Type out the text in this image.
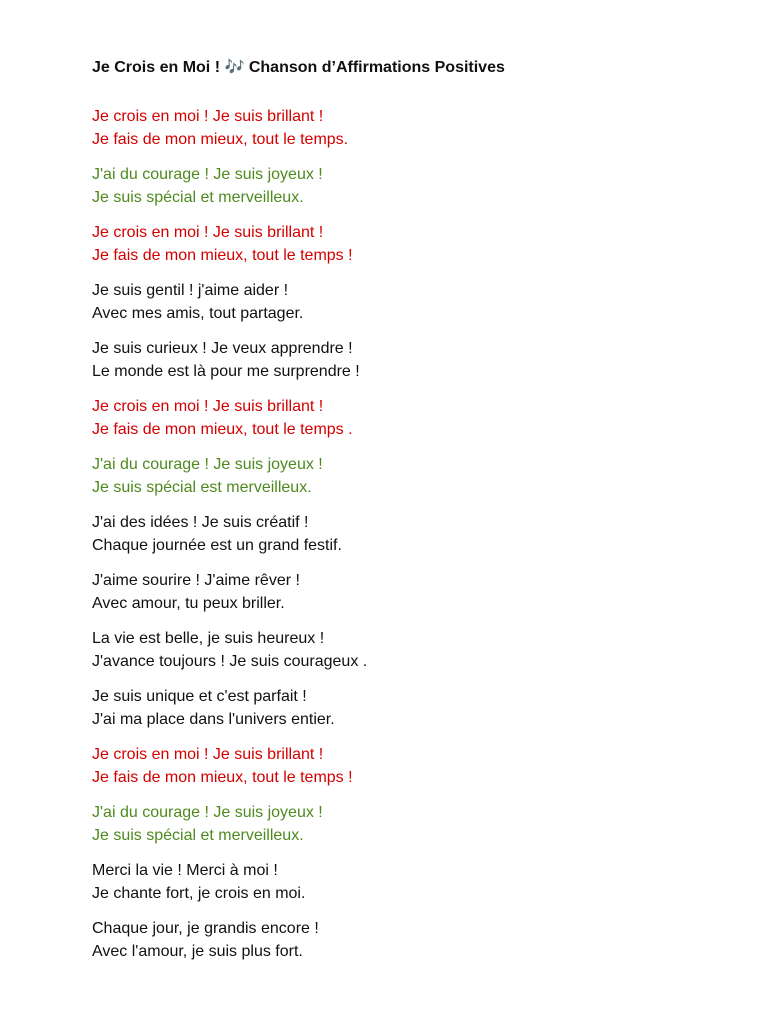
Je Crois en Moi ! 🎶 Chanson d’Affirmations Positives
Je crois en moi ! Je suis brillant !
Je fais de mon mieux, tout le temps.
J'ai du courage ! Je suis joyeux !
Je suis spécial et merveilleux.
Je crois en moi ! Je suis brillant !
Je fais de mon mieux, tout le temps !
Je suis gentil ! j'aime aider !
Avec mes amis, tout partager.
Je suis curieux ! Je veux apprendre !
Le monde est là pour me surprendre !
Je crois en moi ! Je suis brillant !
Je fais de mon mieux, tout le temps .
J'ai du courage ! Je suis joyeux !
Je suis spécial est merveilleux.
J'ai des idées ! Je suis créatif !
Chaque journée est un grand festif.
J'aime sourire ! J'aime rêver !
Avec amour, tu peux briller.
La vie est belle, je suis heureux !
J'avance toujours ! Je suis courageux .
Je suis unique et c'est parfait !
J'ai ma place dans l'univers entier.
Je crois en moi ! Je suis brillant !
Je fais de mon mieux, tout le temps !
J'ai du courage ! Je suis joyeux !
Je suis spécial et merveilleux.
Merci la vie ! Merci à moi !
Je chante fort, je crois en moi.
Chaque jour, je grandis encore !
Avec l'amour, je suis plus fort.
